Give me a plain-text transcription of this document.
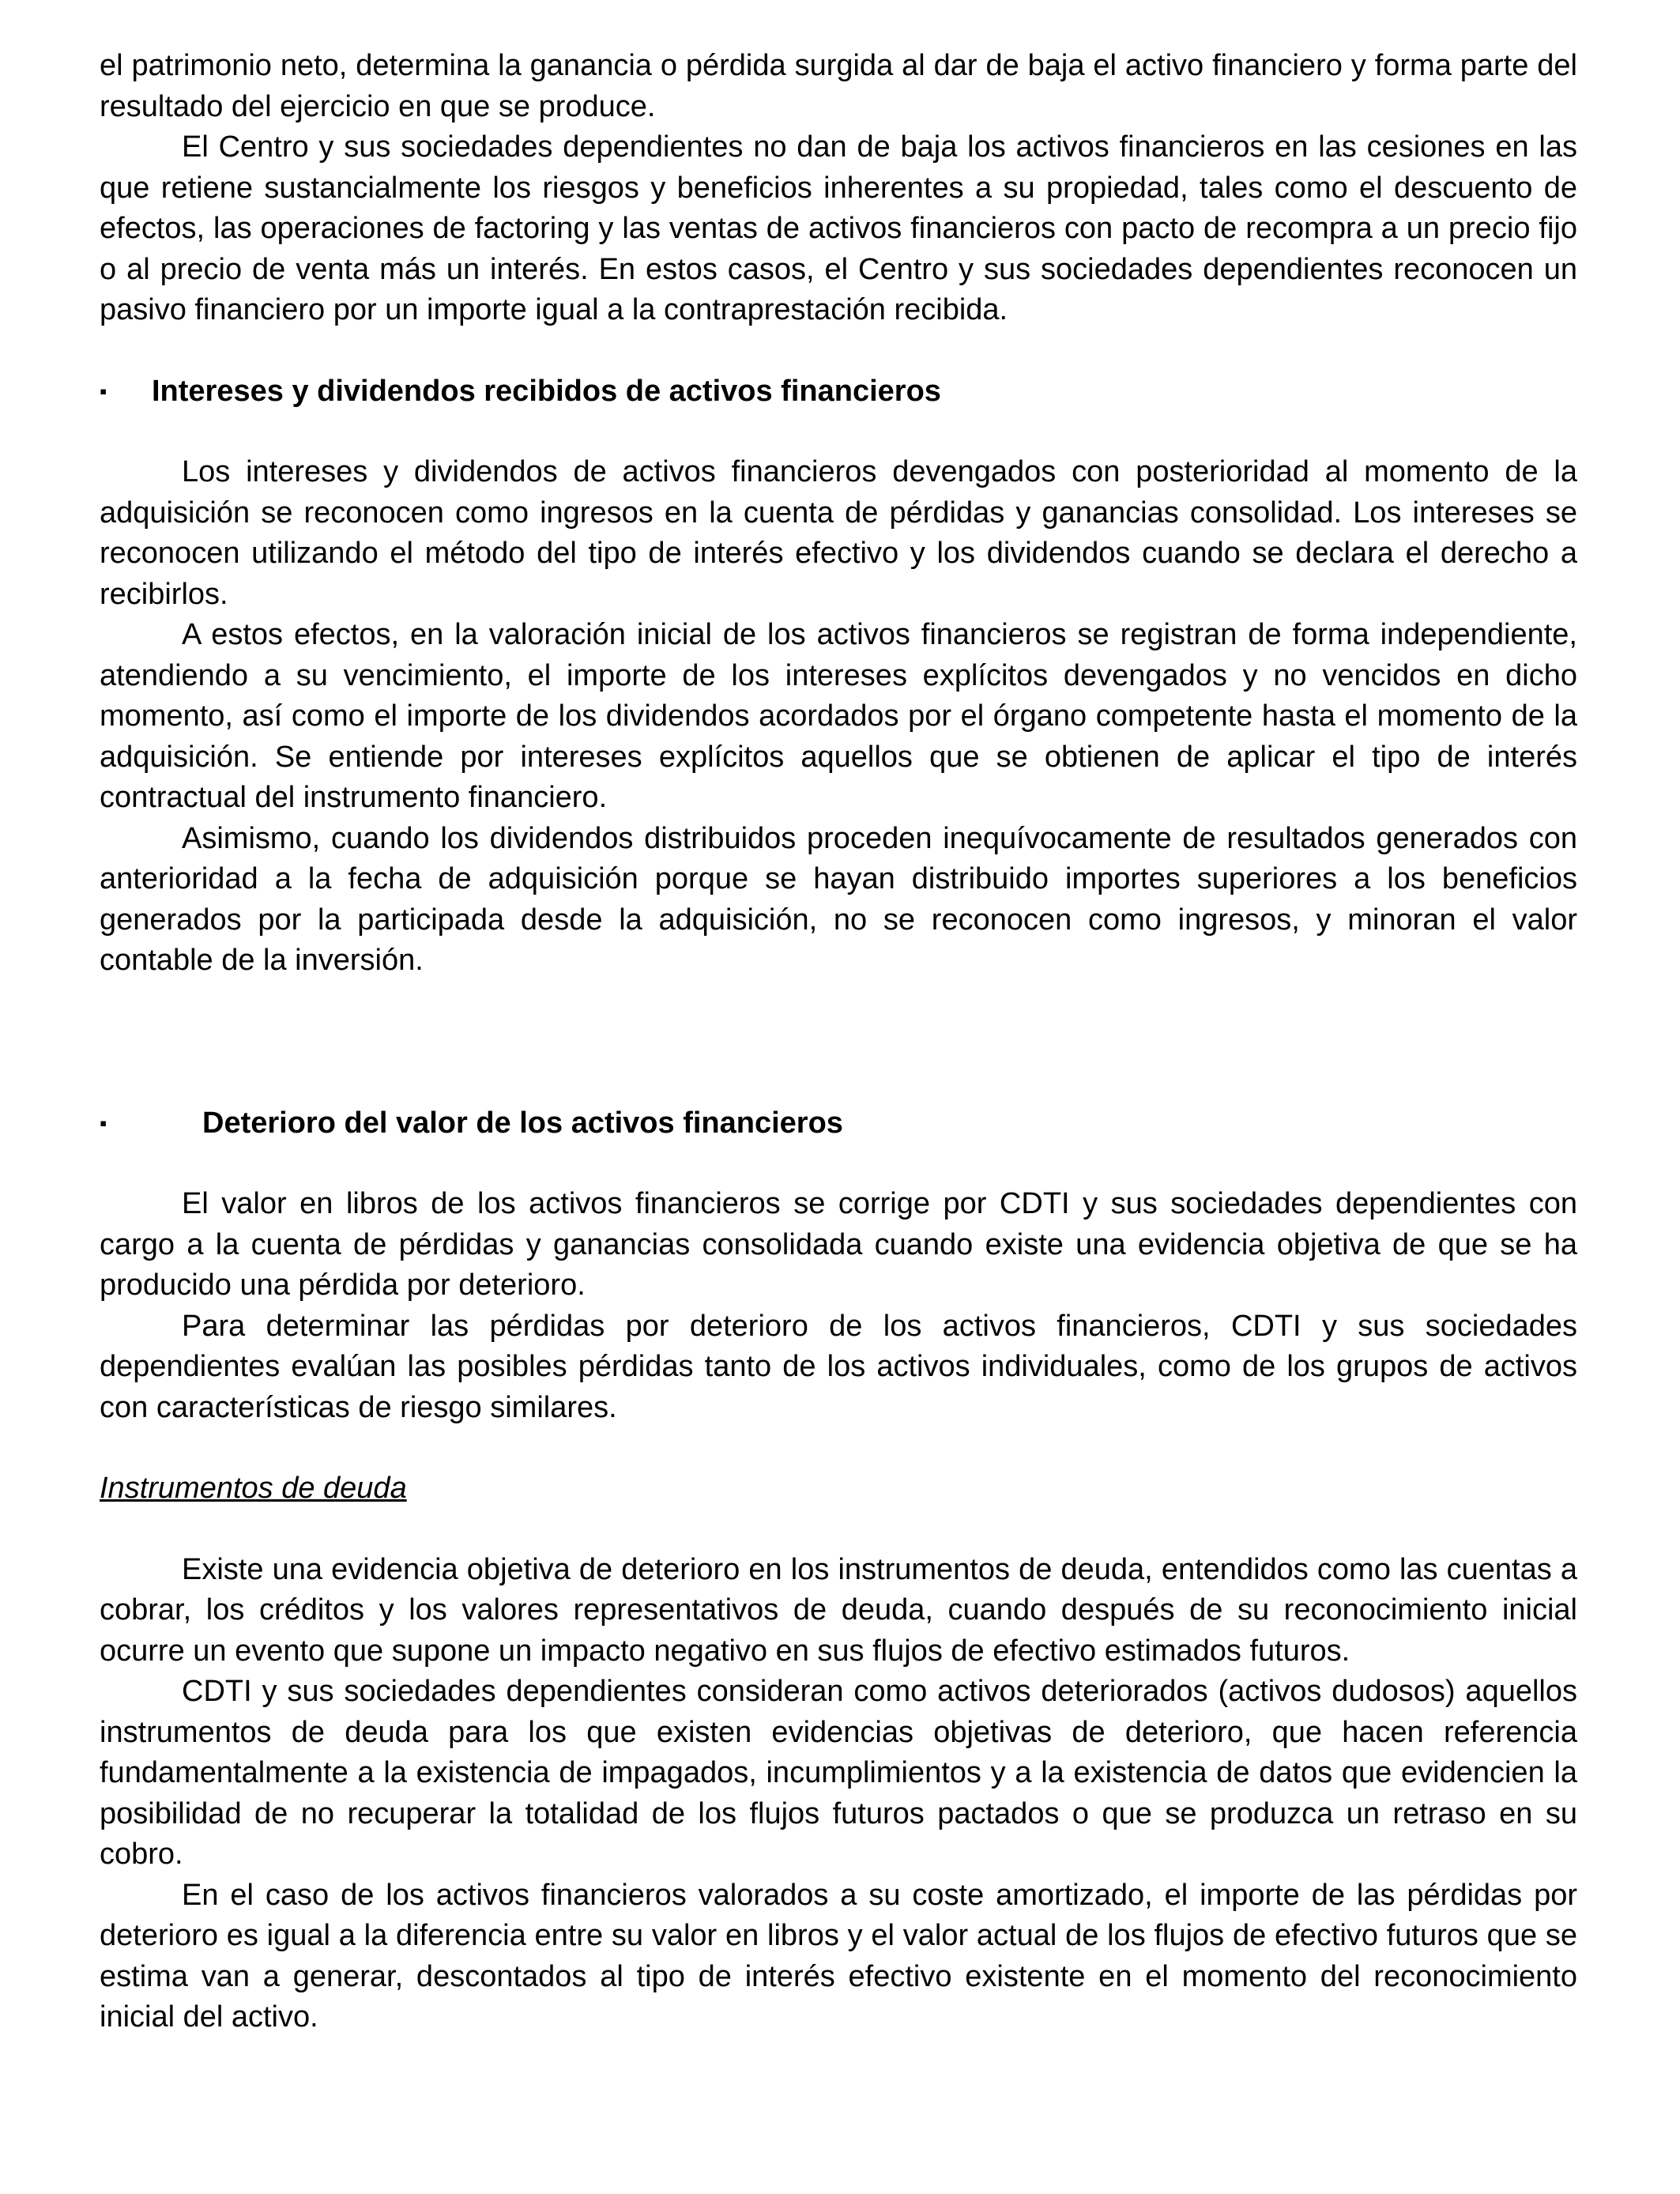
el patrimonio neto, determina la ganancia o pérdida surgida al dar de baja el activo financiero y forma parte del resultado del ejercicio en que se produce.

El Centro y sus sociedades dependientes no dan de baja los activos financieros en las cesiones en las que retiene sustancialmente los riesgos y beneficios inherentes a su propiedad, tales como el descuento de efectos, las operaciones de factoring y las ventas de activos financieros con pacto de recompra a un precio fijo o al precio de venta más un interés. En estos casos, el Centro y sus sociedades dependientes reconocen un pasivo financiero por un importe igual a la contraprestación recibida.

▪ Intereses y dividendos recibidos de activos financieros

Los intereses y dividendos de activos financieros devengados con posterioridad al momento de la adquisición se reconocen como ingresos en la cuenta de pérdidas y ganancias consolidad. Los intereses se reconocen utilizando el método del tipo de interés efectivo y los dividendos cuando se declara el derecho a recibirlos.

A estos efectos, en la valoración inicial de los activos financieros se registran de forma independiente, atendiendo a su vencimiento, el importe de los intereses explícitos devengados y no vencidos en dicho momento, así como el importe de los dividendos acordados por el órgano competente hasta el momento de la adquisición. Se entiende por intereses explícitos aquellos que se obtienen de aplicar el tipo de interés contractual del instrumento financiero.

Asimismo, cuando los dividendos distribuidos proceden inequívocamente de resultados generados con anterioridad a la fecha de adquisición porque se hayan distribuido importes superiores a los beneficios generados por la participada desde la adquisición, no se reconocen como ingresos, y minoran el valor contable de la inversión.

▪	Deterioro del valor de los activos financieros

El valor en libros de los activos financieros se corrige por CDTI y sus sociedades dependientes con cargo a la cuenta de pérdidas y ganancias consolidada cuando existe una evidencia objetiva de que se ha producido una pérdida por deterioro.

Para determinar las pérdidas por deterioro de los activos financieros, CDTI y sus sociedades dependientes evalúan las posibles pérdidas tanto de los activos individuales, como de los grupos de activos con características de riesgo similares.

Instrumentos de deuda

Existe una evidencia objetiva de deterioro en los instrumentos de deuda, entendidos como las cuentas a cobrar, los créditos y los valores representativos de deuda, cuando después de su reconocimiento inicial ocurre un evento que supone un impacto negativo en sus flujos de efectivo estimados futuros.

CDTI y sus sociedades dependientes consideran como activos deteriorados (activos dudosos) aquellos instrumentos de deuda para los que existen evidencias objetivas de deterioro, que hacen referencia fundamentalmente a la existencia de impagados, incumplimientos y a la existencia de datos que evidencien la posibilidad de no recuperar la totalidad de los flujos futuros pactados o que se produzca un retraso en su cobro.

En el caso de los activos financieros valorados a su coste amortizado, el importe de las pérdidas por deterioro es igual a la diferencia entre su valor en libros y el valor actual de los flujos de efectivo futuros que se estima van a generar, descontados al tipo de interés efectivo existente en el momento del reconocimiento inicial del activo.
